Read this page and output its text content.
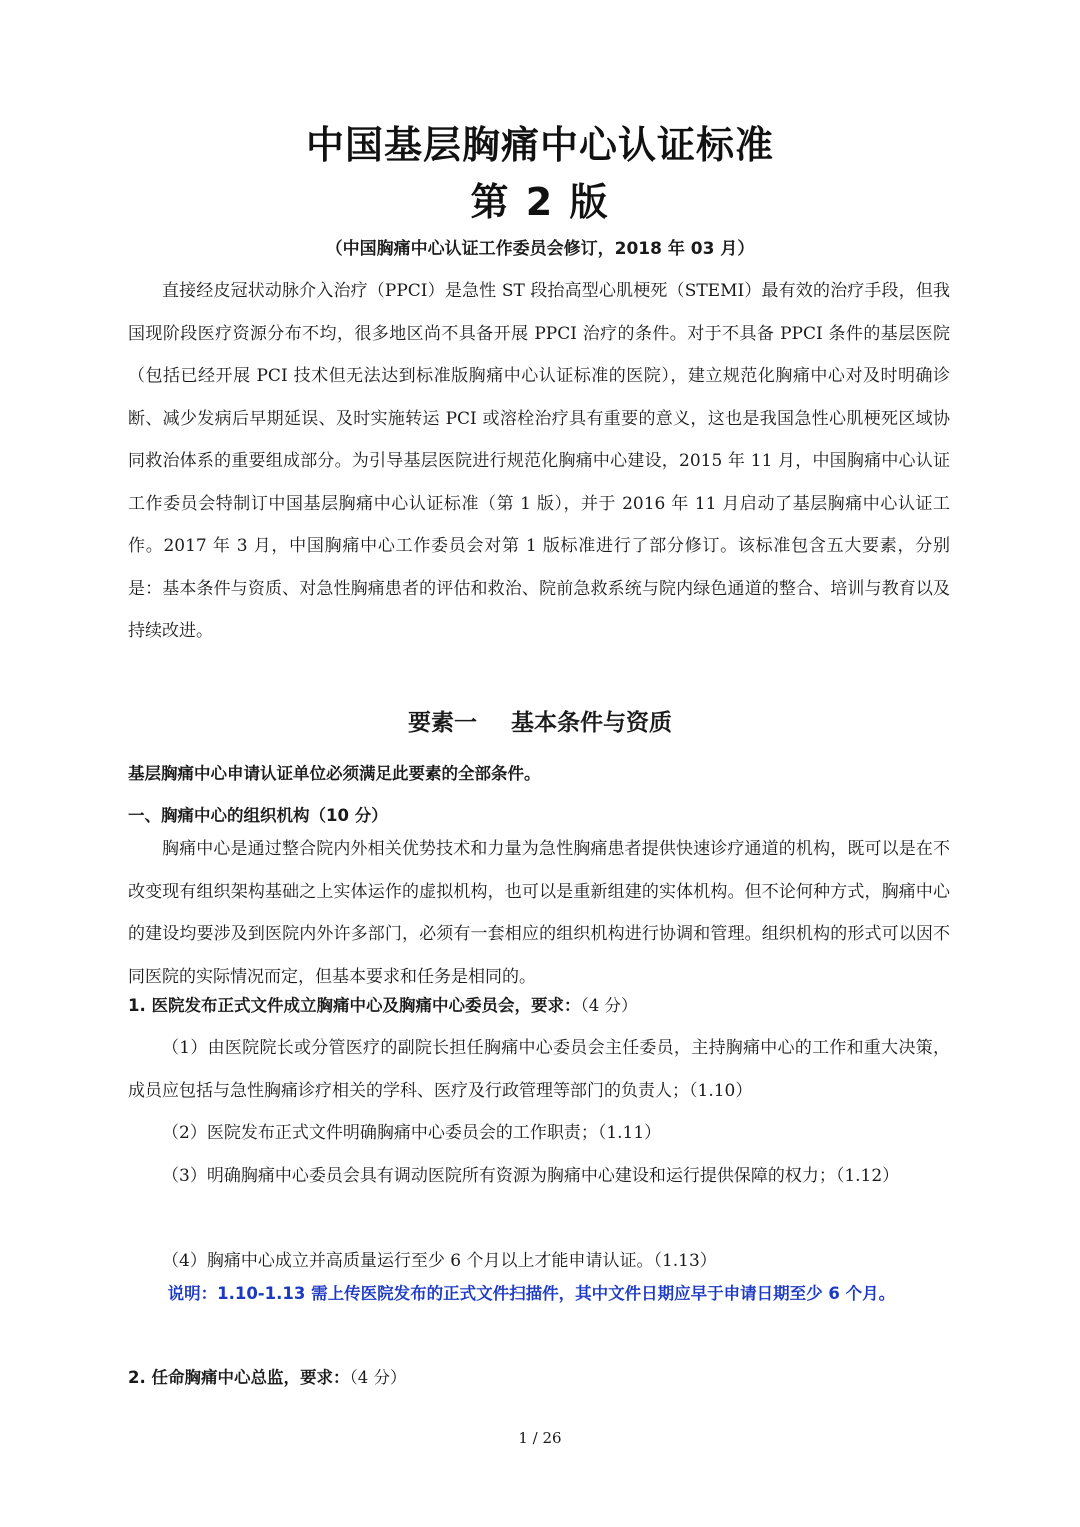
中国基层胸痛中心认证标准
第 2 版

（中国胸痛中心认证工作委员会修订，2018 年 03 月）

直接经皮冠状动脉介入治疗（PPCI）是急性 ST 段抬高型心肌梗死（STEMI）最有效的治疗手段，但我国现阶段医疗资源分布不均，很多地区尚不具备开展 PPCI 治疗的条件。对于不具备 PPCI 条件的基层医院（包括已经开展 PCI 技术但无法达到标准版胸痛中心认证标准的医院），建立规范化胸痛中心对及时明确诊断、减少发病后早期延误、及时实施转运 PCI 或溶栓治疗具有重要的意义，这也是我国急性心肌梗死区域协同救治体系的重要组成部分。为引导基层医院进行规范化胸痛中心建设，2015 年 11 月，中国胸痛中心认证工作委员会特制订中国基层胸痛中心认证标准（第 1 版），并于 2016 年 11 月启动了基层胸痛中心认证工作。2017 年 3 月，中国胸痛中心工作委员会对第 1 版标准进行了部分修订。该标准包含五大要素，分别是：基本条件与资质、对急性胸痛患者的评估和救治、院前急救系统与院内绿色通道的整合、培训与教育以及持续改进。

要素一 基本条件与资质

基层胸痛中心申请认证单位必须满足此要素的全部条件。

一、胸痛中心的组织机构（10 分）

胸痛中心是通过整合院内外相关优势技术和力量为急性胸痛患者提供快速诊疗通道的机构，既可以是在不改变现有组织架构基础之上实体运作的虚拟机构，也可以是重新组建的实体机构。但不论何种方式，胸痛中心的建设均要涉及到医院内外许多部门，必须有一套相应的组织机构进行协调和管理。组织机构的形式可以因不同医院的实际情况而定，但基本要求和任务是相同的。

1. 医院发布正式文件成立胸痛中心及胸痛中心委员会，要求：（4 分）

（1）由医院院长或分管医疗的副院长担任胸痛中心委员会主任委员，主持胸痛中心的工作和重大决策，成员应包括与急性胸痛诊疗相关的学科、医疗及行政管理等部门的负责人；（1.10）

（2）医院发布正式文件明确胸痛中心委员会的工作职责；（1.11）

（3）明确胸痛中心委员会具有调动医院所有资源为胸痛中心建设和运行提供保障的权力；（1.12）

（4）胸痛中心成立并高质量运行至少 6 个月以上才能申请认证。（1.13）

说明：1.10-1.13 需上传医院发布的正式文件扫描件，其中文件日期应早于申请日期至少 6 个月。

2. 任命胸痛中心总监，要求：（4 分）

1 / 26
